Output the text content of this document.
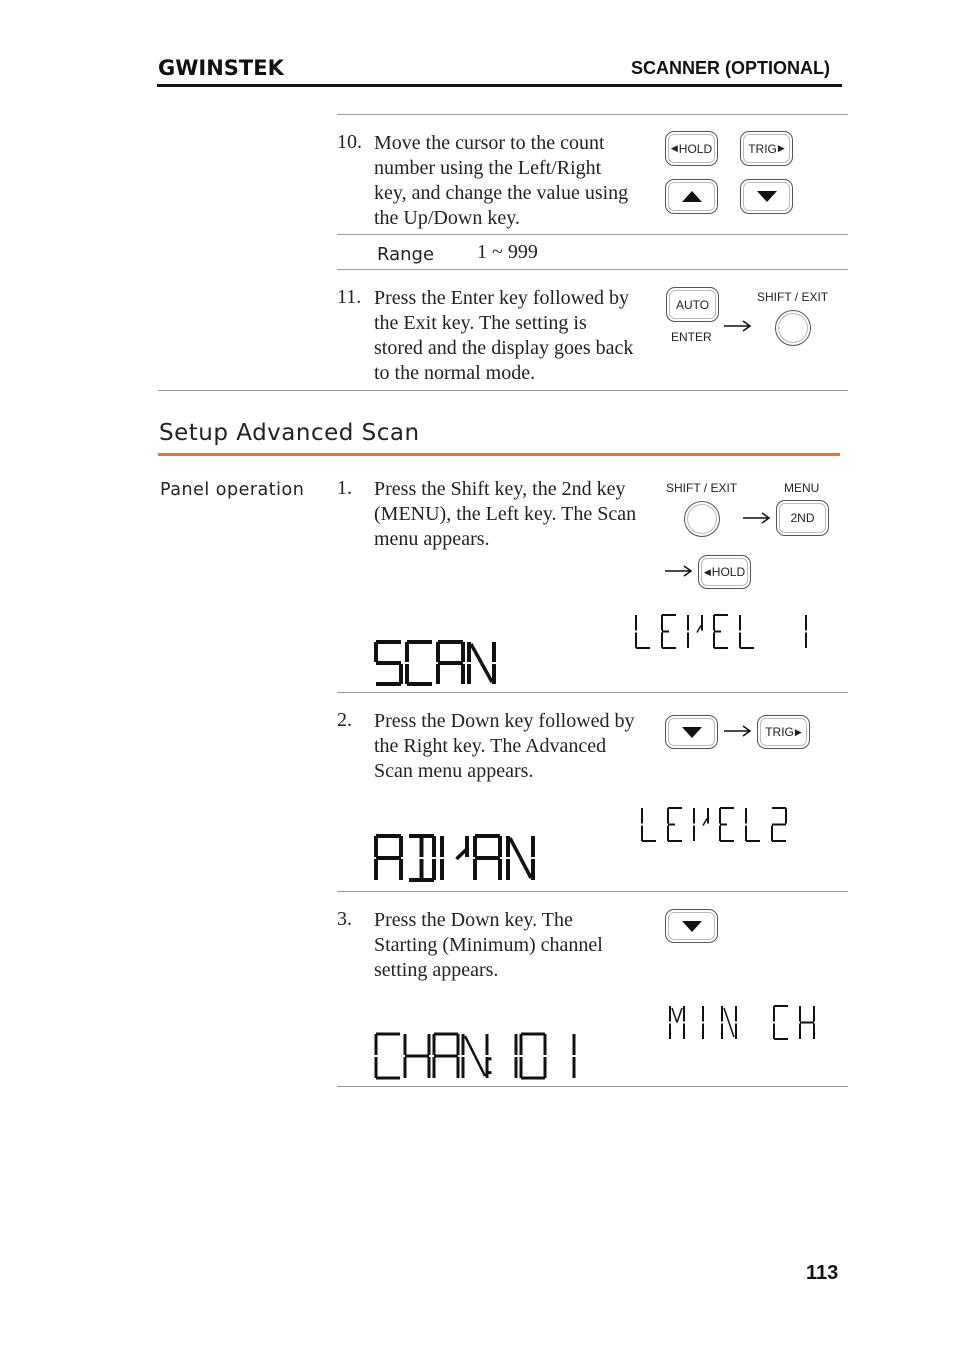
GWINSTEK	SCANNER (OPTIONAL)
10. Move the cursor to the count
number using the Left/Right
key, and change the value using
the Up/Down key.
◀ HOLD	TRIG ▶
Range 1 ~ 999
11. Press the Enter key followed by
the Exit key. The setting is
stored and the display goes back
to the normal mode.
AUTO
ENTER
SHIFT / EXIT
Setup Advanced Scan
Panel operation 1. Press the Shift key, the 2nd key
(MENU), the Left key. The Scan
menu appears.
SHIFT / EXIT	MENU
2ND
◀ HOLD
SCAN
LEVEL 1
2. Press the Down key followed by
the Right key. The Advanced
Scan menu appears.
TRIG ▶
ADVAN
LEVEL2
3. Press the Down key. The
Starting (Minimum) channel
setting appears.
MIN CH
113
